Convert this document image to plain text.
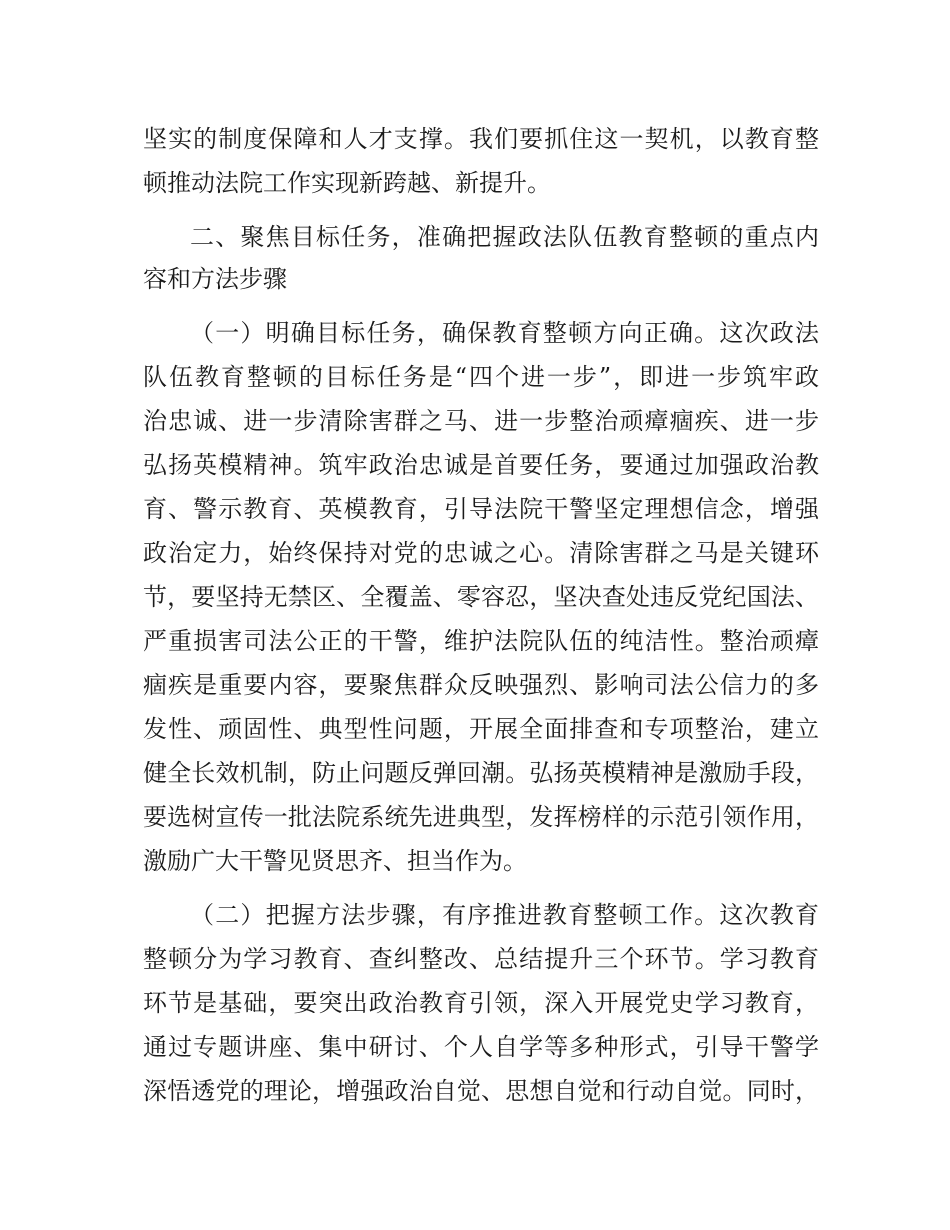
坚实的制度保障和人才支撑。我们要抓住这一契机，以教育整
顿推动法院工作实现新跨越、新提升。
二、聚焦目标任务，准确把握政法队伍教育整顿的重点内
容和方法步骤
（一）明确目标任务，确保教育整顿方向正确。这次政法
队伍教育整顿的目标任务是“四个进一步”，即进一步筑牢政
治忠诚、进一步清除害群之马、进一步整治顽瘴痼疾、进一步
弘扬英模精神。筑牢政治忠诚是首要任务，要通过加强政治教
育、警示教育、英模教育，引导法院干警坚定理想信念，增强
政治定力，始终保持对党的忠诚之心。清除害群之马是关键环
节，要坚持无禁区、全覆盖、零容忍，坚决查处违反党纪国法、
严重损害司法公正的干警，维护法院队伍的纯洁性。整治顽瘴
痼疾是重要内容，要聚焦群众反映强烈、影响司法公信力的多
发性、顽固性、典型性问题，开展全面排查和专项整治，建立
健全长效机制，防止问题反弹回潮。弘扬英模精神是激励手段，
要选树宣传一批法院系统先进典型，发挥榜样的示范引领作用，
激励广大干警见贤思齐、担当作为。
（二）把握方法步骤，有序推进教育整顿工作。这次教育
整顿分为学习教育、查纠整改、总结提升三个环节。学习教育
环节是基础，要突出政治教育引领，深入开展党史学习教育，
通过专题讲座、集中研讨、个人自学等多种形式，引导干警学
深悟透党的理论，增强政治自觉、思想自觉和行动自觉。同时，
